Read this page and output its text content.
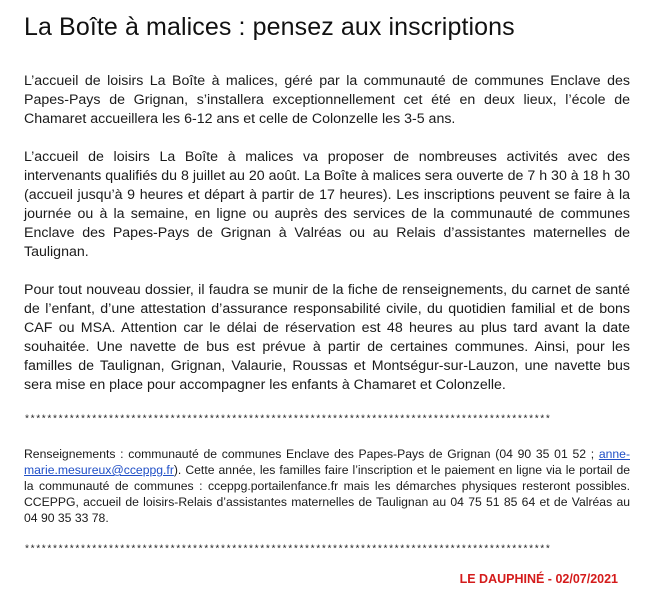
La Boîte à malices : pensez aux inscriptions

L’accueil de loisirs La Boîte à malices, géré par la communauté de communes Enclave des Papes-Pays de Grignan, s’installera exceptionnellement cet été en deux lieux, l’école de Chamaret accueillera les 6-12 ans et celle de Colonzelle les 3-5 ans.

L’accueil de loisirs La Boîte à malices va proposer de nombreuses activités avec des intervenants qualifiés du 8 juillet au 20 août. La Boîte à malices sera ouverte de 7 h 30 à 18 h 30 (accueil jusqu’à 9 heures et départ à partir de 17 heures). Les inscriptions peuvent se faire à la journée ou à la semaine, en ligne ou auprès des services de la communauté de communes Enclave des Papes-Pays de Grignan à Valréas ou au Relais d’assistantes maternelles de Taulignan.

Pour tout nouveau dossier, il faudra se munir de la fiche de renseignements, du carnet de santé de l’enfant, d’une attestation d’assurance responsabilité civile, du quotidien familial et de bons CAF ou MSA. Attention car le délai de réservation est 48 heures au plus tard avant la date souhaitée. Une navette de bus est prévue à partir de certaines communes. Ainsi, pour les familles de Taulignan, Grignan, Valaurie, Roussas et Montségur-sur-Lauzon, une navette bus sera mise en place pour accompagner les enfants à Chamaret et Colonzelle.

**********************************************************************************************

Renseignements : communauté de communes Enclave des Papes-Pays de Grignan (04 90 35 01 52 ; anne-marie.mesureux@cceppg.fr). Cette année, les familles faire l’inscription et le paiement en ligne via le portail de la communauté de communes : cceppg.portailenfance.fr mais les démarches physiques resteront possibles. CCEPPG, accueil de loisirs-Relais d’assistantes maternelles de Taulignan au 04 75 51 85 64 et de Valréas au 04 90 35 33 78.

**********************************************************************************************
LE DAUPHINÉ - 02/07/2021
